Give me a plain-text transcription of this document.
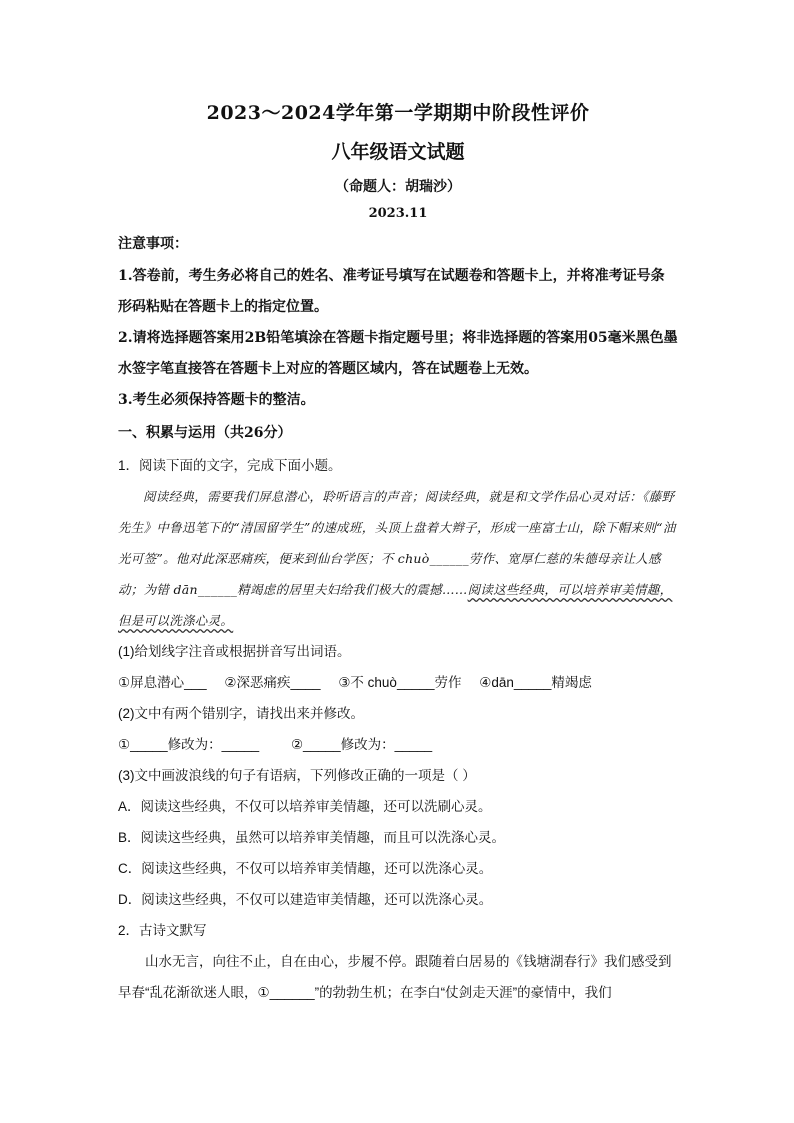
2023～2024学年第一学期期中阶段性评价
八年级语文试题
（命题人：胡瑞沙）
2023.11
注意事项：

1.答卷前，考生务必将自己的姓名、准考证号填写在试题卷和答题卡上，并将准考证号条形码粘贴在答题卡上的指定位置。

2.请将选择题答案用2B铅笔填涂在答题卡指定题号里；将非选择题的答案用05毫米黑色墨水签字笔直接答在答题卡上对应的答题区域内，答在试题卷上无效。

3.考生必须保持答题卡的整洁。

一、积累与运用（共26分）

1．阅读下面的文字，完成下面小题。

阅读经典，需要我们屏息潜心，聆听语言的声音；阅读经典，就是和文学作品心灵对话：《藤野先生》中鲁迅笔下的“清国留学生”的速成班，头顶上盘着大辫子，形成一座富士山，除下帽来则“油光可签”。他对此深恶痛疾，便来到仙台学医；不 chuò______劳作、宽厚仁慈的朱德母亲让人感动；为错 dān______精竭虑的居里夫妇给我们极大的震撼……阅读这些经典，可以培养审美情趣，但是可以洗涤心灵。

(1)给划线字注音或根据拼音写出词语。

①屏息潜心___ ②深恶痛疾____ ③不 chuò_____劳作 ④dān_____精竭虑

(2)文中有两个错别字，请找出来并修改。

①_____修改为：_____ ②_____修改为：_____

(3)文中画波浪线的句子有语病，下列修改正确的一项是（ ）

A．阅读这些经典，不仅可以培养审美情趣，还可以洗刷心灵。

B．阅读这些经典，虽然可以培养审美情趣，而且可以洗涤心灵。

C．阅读这些经典，不仅可以培养审美情趣，还可以洗涤心灵。

D．阅读这些经典，不仅可以建造审美情趣，还可以洗涤心灵。

2．古诗文默写

山水无言，向往不止，自在由心，步履不停。跟随着白居易的《钱塘湖春行》我们感受到早春“乱花渐欲迷人眼，①______”的勃勃生机；在李白“仗剑走天涯”的豪情中，我们
